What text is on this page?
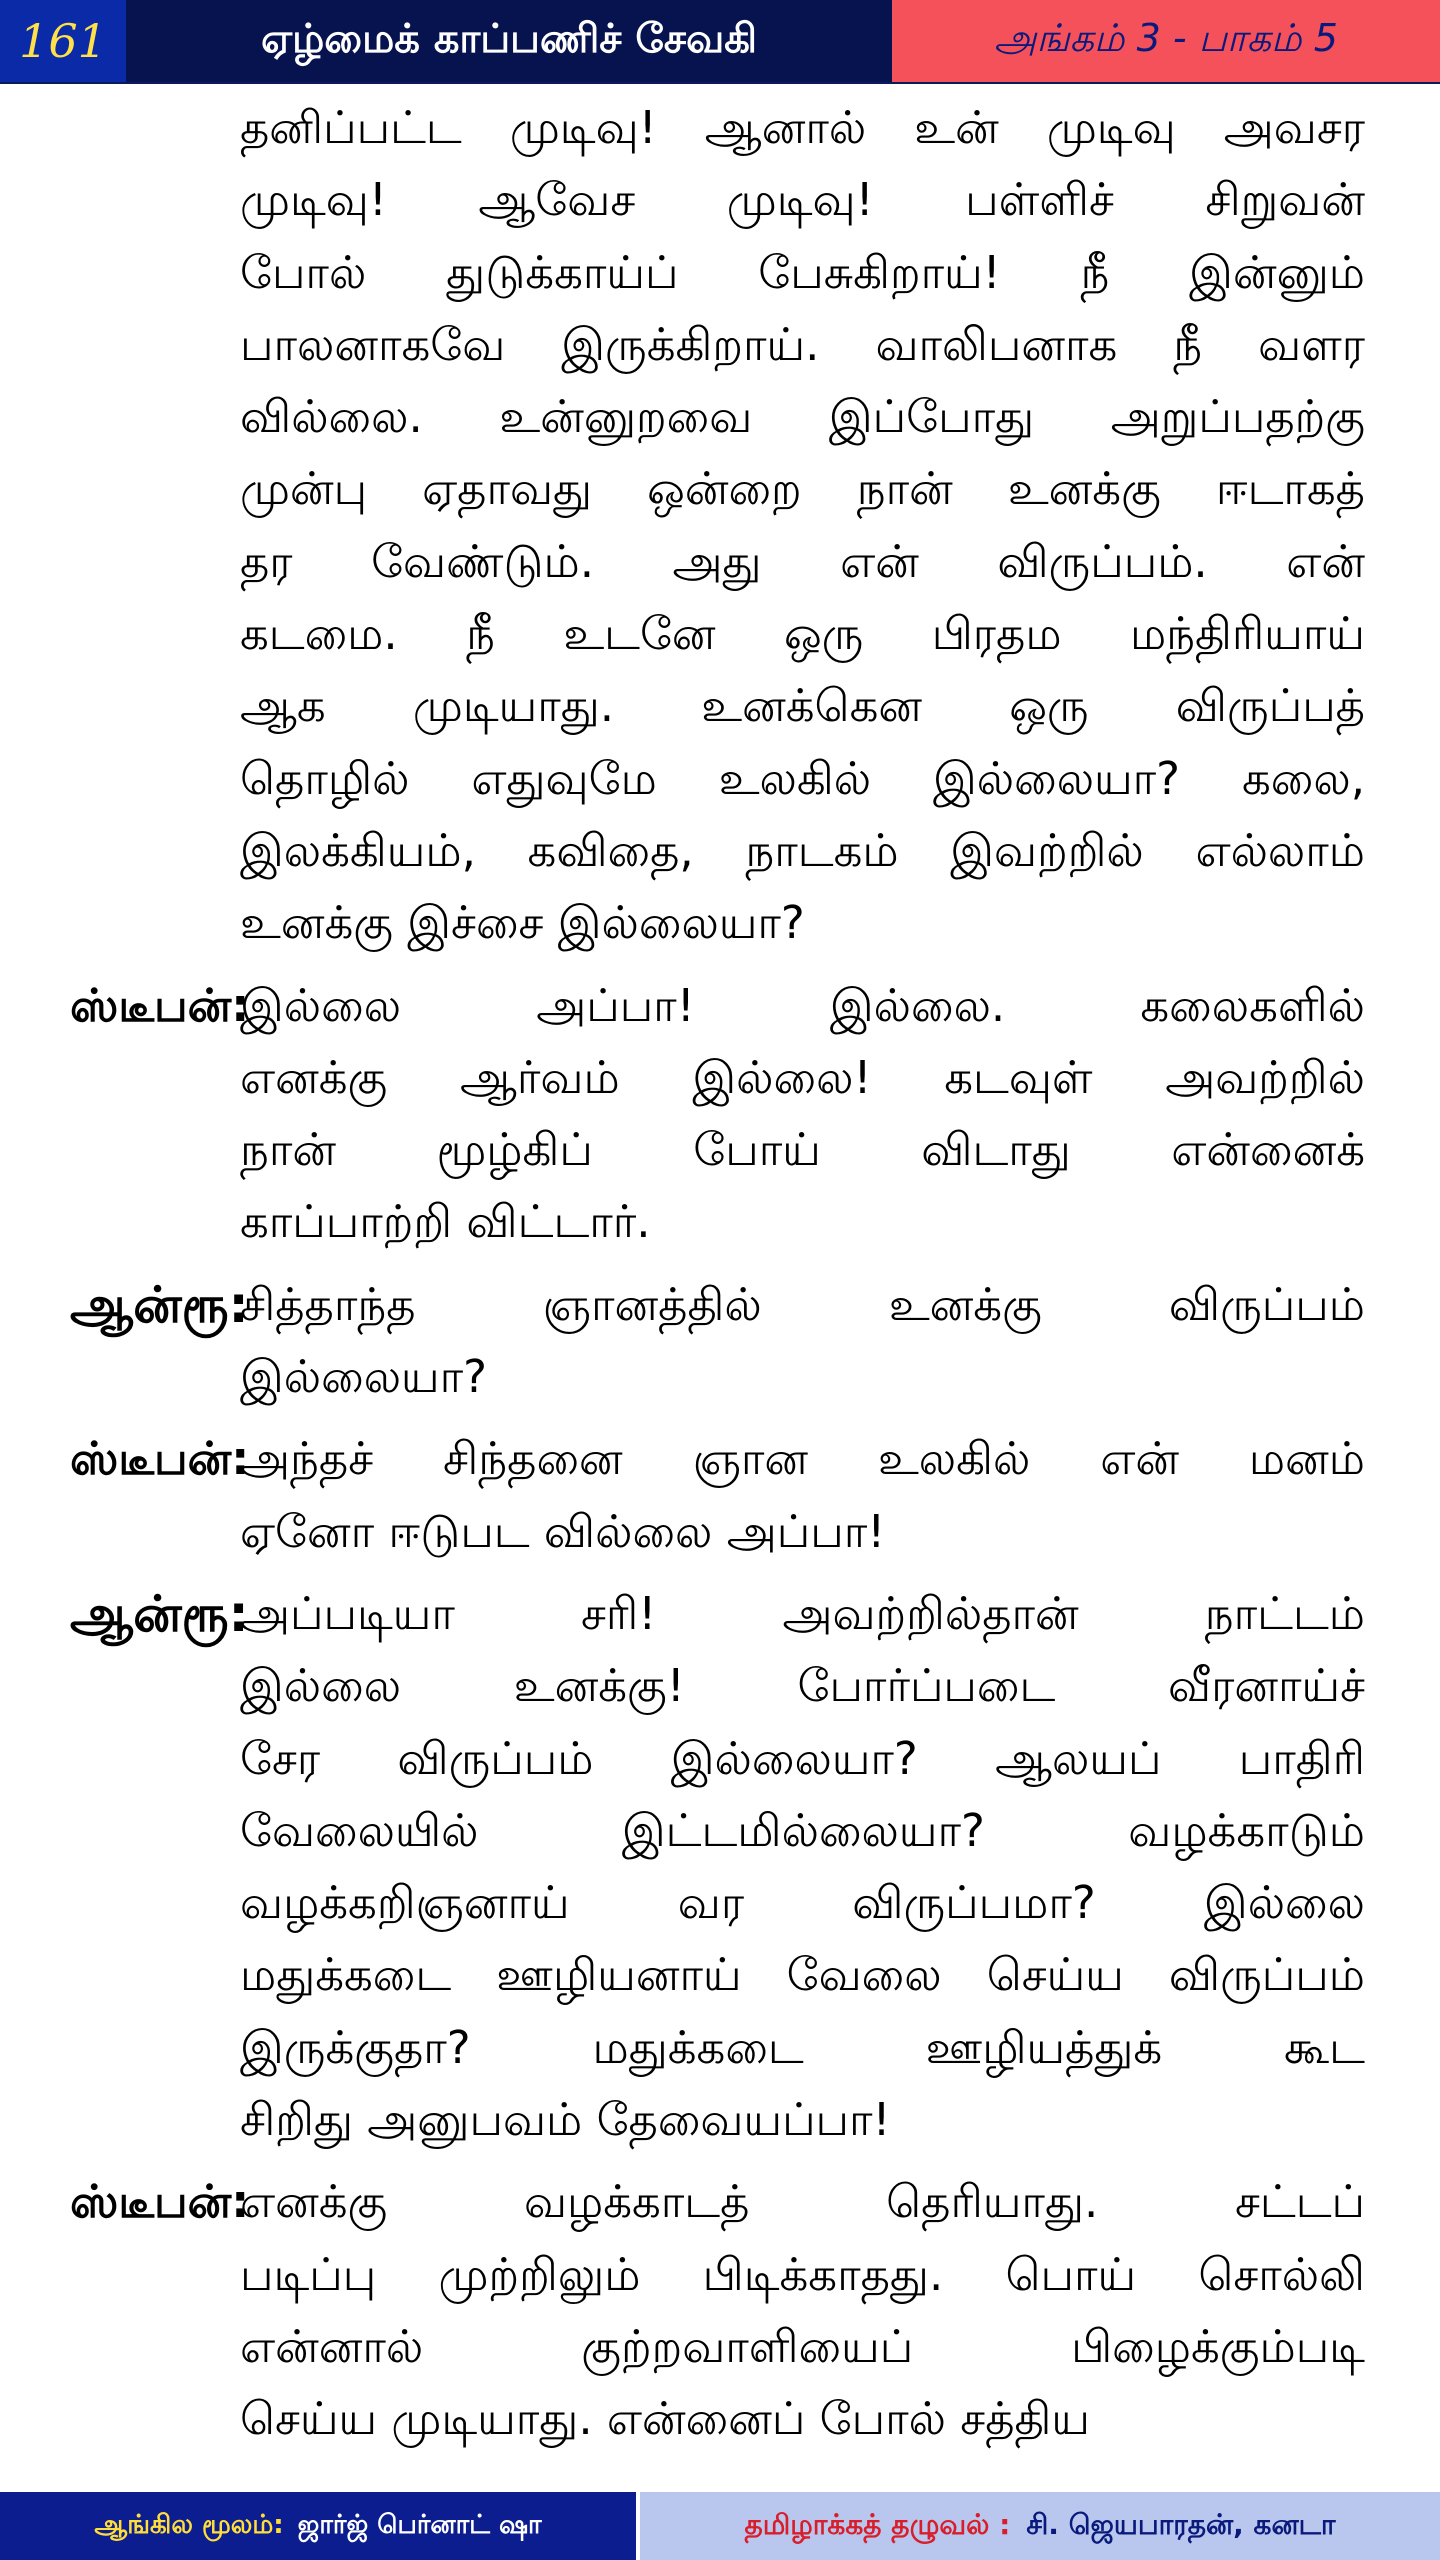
161	ஏழ்மைக் காப்பணிச் சேவகி	அங்கம் 3 - பாகம் 5
தனிப்பட்ட முடிவு! ஆனால் உன் முடிவு அவசர
முடிவு! ஆவேச முடிவு! பள்ளிச் சிறுவன்
போல் துடுக்காய்ப் பேசுகிறாய்! நீ இன்னும்
பாலனாகவே இருக்கிறாய். வாலிபனாக நீ வளர
வில்லை. உன்னுறவை இப்போது அறுப்பதற்கு
முன்பு ஏதாவது ஒன்றை நான் உனக்கு ஈடாகத்
தர வேண்டும். அது என் விருப்பம். என்
கடமை. நீ உடனே ஒரு பிரதம மந்திரியாய்
ஆக முடியாது. உனக்கென ஒரு விருப்பத்
தொழில் எதுவுமே உலகில் இல்லையா? கலை,
இலக்கியம், கவிதை, நாடகம் இவற்றில் எல்லாம்
உனக்கு இச்சை இல்லையா?
ஸ்டீபன்:
இல்லை அப்பா! இல்லை. கலைகளில்
எனக்கு ஆர்வம் இல்லை! கடவுள் அவற்றில்
நான் மூழ்கிப் போய் விடாது என்னைக்
காப்பாற்றி விட்டார்.
ஆன்ரூ:
சித்தாந்த ஞானத்தில் உனக்கு விருப்பம்
இல்லையா?
ஸ்டீபன்:
அந்தச் சிந்தனை ஞான உலகில் என் மனம்
ஏனோ ஈடுபட வில்லை அப்பா!
ஆன்ரூ:
அப்படியா சரி! அவற்றில்தான் நாட்டம்
இல்லை உனக்கு! போர்ப்படை வீரனாய்ச்
சேர விருப்பம் இல்லையா? ஆலயப் பாதிரி
வேலையில் இட்டமில்லையா? வழக்காடும்
வழக்கறிஞனாய் வர விருப்பமா? இல்லை
மதுக்கடை ஊழியனாய் வேலை செய்ய விருப்பம்
இருக்குதா? மதுக்கடை ஊழியத்துக் கூட
சிறிது அனுபவம் தேவையப்பா!
ஸ்டீபன்:
எனக்கு வழக்காடத் தெரியாது. சட்டப்
படிப்பு முற்றிலும் பிடிக்காதது. பொய் சொல்லி
என்னால் குற்றவாளியைப் பிழைக்கும்படி
செய்ய முடியாது. என்னைப் போல் சத்திய
ஆங்கில மூலம்: ஜார்ஜ் பெர்னாட் ஷா	தமிழாக்கத் தழுவல் : சி. ஜெயபாரதன், கனடா
